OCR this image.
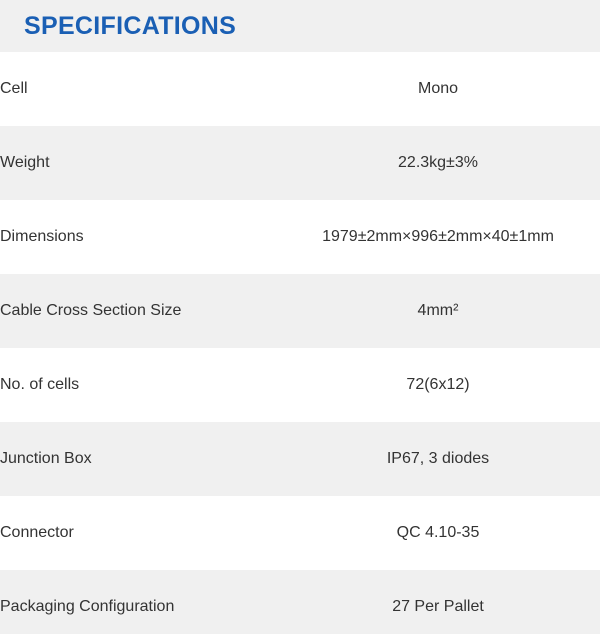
SPECIFICATIONS
Cell	Mono
Weight	22.3kg±3%
Dimensions	1979±2mm×996±2mm×40±1mm
Cable Cross Section Size	4mm²
No. of cells	72(6x12)
Junction Box	IP67, 3 diodes
Connector	QC 4.10-35
Packaging Configuration	27 Per Pallet
